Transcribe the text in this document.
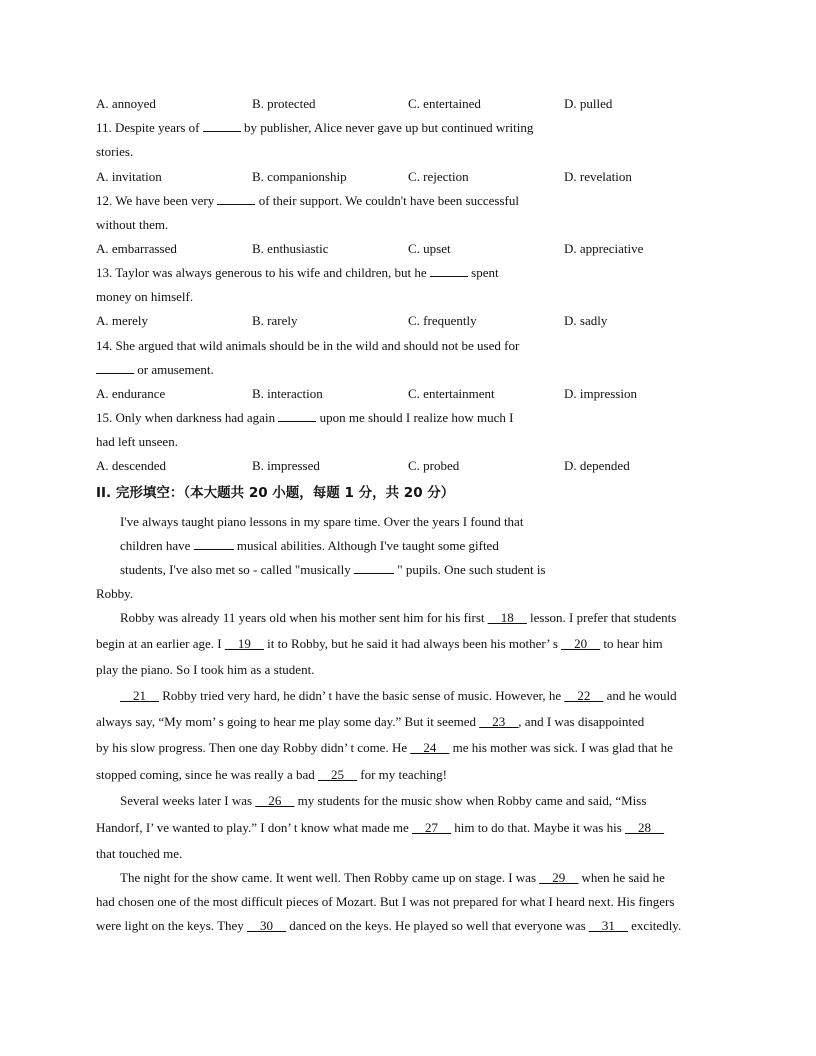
A. annoyed	B. protected	C. entertained	D. pulled
11. Despite years of	by publisher, Alice never gave up but continued writing
stories.
A. invitation	B. companionship	C. rejection	D. revelation
12. We have been very	of their support. We couldn't have been successful
without them.
A. embarrassed	B. enthusiastic	C. upset	D. appreciative
13. Taylor was always generous to his wife and children, but he	spent
money on himself.
A. merely	B. rarely	C. frequently	D. sadly
14. She argued that wild animals should be in the wild and should not be used for
or amusement.
A. endurance	B. interaction	C. entertainment	D. impression
15. Only when darkness had again	upon me should I realize how much I
had left unseen.
A. descended	B. impressed	C. probed	D. depended
II. 完形填空：（本大题共 20 小题，每题 1 分，共 20 分）
I've always taught piano lessons in my spare time. Over the years I found that
children have	musical abilities. Although I've taught some gifted
students, I've also met so - called "musically	" pupils. One such student is
Robby.
Robby was already 11 years old when his mother sent him for his first __18__ lesson. I prefer that students
begin at an earlier age. I __19__ it to Robby, but he said it had always been his mother’ s __20__ to hear him
play the piano. So I took him as a student.
__21__ Robby tried very hard, he didn’ t have the basic sense of music. However, he __22__ and he would
always say, “My mom’ s going to hear me play some day.” But it seemed __23__, and I was disappointed
by his slow progress. Then one day Robby didn’ t come. He __24__ me his mother was sick. I was glad that he
stopped coming, since he was really a bad __25__ for my teaching!
Several weeks later I was __26__ my students for the music show when Robby came and said, “Miss
Handorf, I’ ve wanted to play.” I don’ t know what made me __27__ him to do that. Maybe it was his __28__
that touched me.
The night for the show came. It went well. Then Robby came up on stage. I was __29__ when he said he
had chosen one of the most difficult pieces of Mozart. But I was not prepared for what I heard next. His fingers
were light on the keys. They __30__ danced on the keys. He played so well that everyone was __31__ excitedly.
